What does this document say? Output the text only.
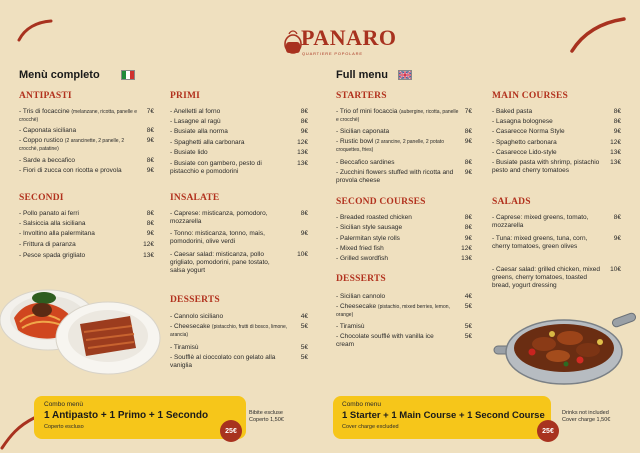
PANARO
QUARTIERE POPOLARE
Menù completo	Full menu
ANTIPASTI
- Tris di focaccine (melanzane, ricotta, panelle e crocchè)
7€
- Caponata siciliana	8€
- Coppo rustico (2 arancinette, 2 panelle, 2 crocchè, patatine)
9€
- Sarde a beccafico	8€
- Fiori di zucca con ricotta e provola	9€
SECONDI
- Pollo panato ai ferri	8€
- Salsiccia alla siciliana	8€
- Involtino alla palermitana	9€
- Frittura di paranza	12€
- Pesce spada grigliato	13€
PRIMI
- Anelletti al forno	8€
- Lasagne al ragù	8€
- Busiate alla norma	9€
- Spaghetti alla carbonara	12€
- Busiate lido	13€
- Busiate con gambero, pesto di pistacchio e pomodorini
13€
INSALATE
- Caprese: misticanza, pomodoro, mozzarella
8€
- Tonno: misticanza, tonno, mais, pomodorini, olive verdi
9€
- Caesar salad: misticanza, pollo grigliato, pomodorini, pane tostato, salsa yogurt
10€
DESSERTS
- Cannolo siciliano	4€
- Cheesecake (pistacchio, frutti di bosco, limone, arancia)
5€
- Tiramisù	5€
- Soufflè al cioccolato con gelato alla vaniglia
5€
Combo menù
1 Antipasto + 1 Primo + 1 Secondo
Coperto escluso
25€
Bibite escluse
Coperto 1,50€
STARTERS
- Trio of mini focaccia (aubergine, ricotta, panelle e crocchè)
7€
- Sicilian caponata	8€
- Rustic bowl (2 arancine, 2 panelle, 2 potato croquettes, fries)
9€
- Beccafico sardines	8€
- Zucchini flowers stuffed with ricotta and provola cheese
9€
SECOND COURSES
- Breaded roasted chicken	8€
- Sicilian style sausage	8€
- Palermitan style rolls	9€
- Mixed fried fish	12€
- Grilled swordfish	13€
DESSERTS
- Sicilian cannolo	4€
- Cheesecake (pistachio, mixed berries, lemon, orange)
5€
- Tiramisù	5€
- Chocolate soufflé with vanilla ice cream
5€
MAIN COURSES
- Baked pasta	8€
- Lasagna bolognese	8€
- Casarecce Norma Style	9€
- Spaghetto carbonara	12€
- Casarecce Lido-style	13€
- Busiate pasta with shrimp, pistachio pesto and cherry tomatoes
13€
SALADS
- Caprese: mixed greens, tomato, mozzarella
8€
- Tuna: mixed greens, tuna, corn, cherry tomatoes, green olives
9€
- Caesar salad: grilled chicken, mixed greens, cherry tomatoes, toasted bread, yogurt dressing
10€
Combo menu
1 Starter + 1 Main Course + 1 Second Course
Cover charge excluded
25€
Drinks not included
Cover charge 1,50€
